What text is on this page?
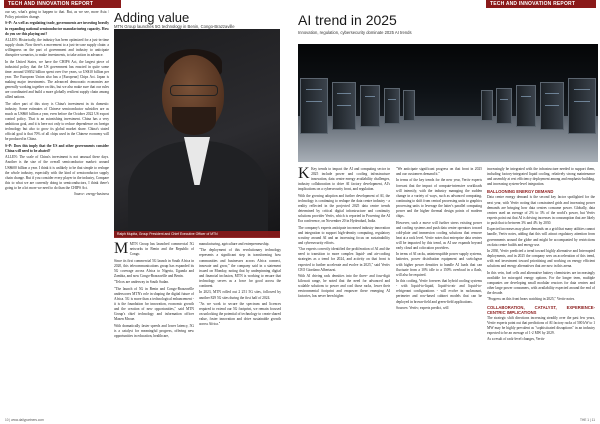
TECH AND INNOVATION REPORT	TECH AND INNOVATION REPORT

our say, what's going to happen to that. But, as we see, more Asia / Policy priorities change.

S+P: As well as regulating trade, governments are investing heavily in expanding national semiconductor manufacturing capacity. How do you see this playing out?

ALLEN: Historically, the industry has been optimized for a just-in-time supply chain. Now there's a movement to a just-in-case supply chain: a willingness on the part of government and industry to anticipate disruptive scenarios, to make investments, to take action in advance.

In the United States, we have the CHIPS Act, the largest piece of industrial policy that the US government has enacted in quite some time: around US$52 billion spent over five years, so US$10 billion per year. The European Union also has a [European] Chips Act. Japan is making major investments. The advanced democratic economies are generally working together on this, but we also make sure that our rules are coordinated and build a more globally resilient supply chain among allied nations.

The other part of this story is China's investment in its domestic industry. Some estimates of Chinese semiconductor subsidies are as much as US$60 billion a year, even before the October 2022 US export control policy. That is an astonishing investment. China has a very ambitious goal, and it is here not only to reduce dependence on foreign technology but also to grow its global market share. China's stated official goal is that 70% of all chips used in the Chinese economy will be produced in China.

S+P: Does this imply that the US and other governments consider China will need to be abated?

ALLEN: The scale of China's investment is not unusual these days. Another is the size of the overall semiconductor market: around US$600 billion a year. I think it is unlikely to be that simple to reshape the whole industry, especially with the kind of semiconductor supply chain change. But if you consider every player in the industry, Compare this to what we are currently doing in semiconductors, I think there's going to be a lot more we need to do than the CHIPS Act.

Source: energy-business

Adding value
MTN Group launches 5G technology in Benin, Congo-Brazzaville
Ralph Mupita, Group President and Chief Executive Officer of MTN

MMTN Group has launched commercial 5G networks in Benin and the Republic of Congo.

Since its first commercial 5G launch in South Africa in 2020, this telecommunications group has expanded its 5G coverage across Africa to Nigeria, Uganda and Zambia, and now Congo-Brazzaville and Benin.

"Telcos are underway in South Sudan.

"The launch of 5G in Benin and Congo-Brazzaville underscores MTN's role in shaping the digital future of Africa. 5G is more than a technological enhancement - it is the foundation for innovation, economic growth and the creation of new opportunities," said MTN Group's chief technology and information officer Mazen Mroue.

With dramatically faster speeds and lower latency, 5G is a catalyst for meaningful progress, offering new opportunities in education, healthcare,

manufacturing, agriculture and entrepreneurship.

"The deployment of this revolutionary technology represents a significant step in transforming how communities and businesses across Africa connect, innovate and grow," the company said in a statement issued on Monday, noting that by underpinning digital and financial inclusion, MTN is working to ensure that technology serves as a force for good across the continent.

In 2023, MTN rolled out 2 251 5G sites, followed by another 829 5G sites during the first half of 2024.

"As we work to secure the spectrum and licences required to extend our 5G footprint, we remain focused on unlocking the potential of technology to create shared value, foster innovation and drive sustainable growth across Africa."

AI trend in 2025
Innovation, regulation, cybersecurity dominate 2025 AI trends

K Key trends to impact the AI and computing sector in 2025 include power and cooling infrastructure innovation, data centre energy availability challenges, industry collaboration to drive AI factory development, AI's implications on a cybersecurity front, and regulation.

With the growing adoption and further development of AI, the technology is continuing to reshape the data centre industry - a reality reflected in the projected 2025 data centre trends determined by critical digital infrastructure and continuity solutions provider Vertiv, which is reported in Powering the AI Era conference, on November 20 in Hyderabad, India.

The company's experts anticipate increased industry innovation and integration to support high-density computing, regulatory scrutiny around AI and an increasing focus on sustainability and cybersecurity efforts.

"Our experts correctly identified the proliferation of AI and the need to transition to more complex liquid- and air-cooling strategies as a trend for 2024, and activity on that front is expected to further accelerate and evolve in 2025," said Vertiv CEO Giordano Albertazzi.

With AI driving rack densities into the three- and four-digit kilowatt range, he noted that the need for advanced and scalable solutions to power and cool those racks, lower their environmental footprint and empower these emerging AI factories, has never been higher.

"We anticipate significant progress on that front in 2025 and our customers demand it."

In terms of the key trends for the new year, Vertiv experts forecast that the impact of compute-intensive workloads will intensify, with the industry managing the sudden change in a variety of ways, such as advanced computing, continuing to shift from central processing units to graphics processing units to leverage the latter's parallel computing power and the higher thermal design points of modern chips.

However, such a move will further stress existing power and cooling systems and push data centre operators toward cold-plate and immersion cooling solutions that remove heat at a rack level. Vertiv notes that enterprise data centres will be impacted by this trend, as AI use expands beyond early cloud and colocation providers.

In terms of AI racks, uninterruptible power supply systems, batteries, power distribution equipment and switchgear with higher power densities to handle AI loads that can fluctuate from a 10% idle to a 150% overload in a flash, will also be required.

In this cooling, Vertiv foresees that hybrid cooling systems - with liquid-to-liquid, liquid-to-air and liquid-to-refrigerant configurations - will evolve in rackmount, perimeter and row-based cabinet models that can be deployed in brown-field and green-field applications.

Sources: Vertiv; experts predict, will

increasingly be integrated with the infrastructure needed to support them, including factory-integrated liquid cooling, relatively strong maintenance and assembly at rest efficiency deployment among and emphasis-building, and increasing system-level integration.

BALLOONING ENERGY DEMAND

Data centre energy demand is the second key factor spotlighted for the next year, with Vertiv noting that constrained grids and increasing power demands are bringing how data centres consume power. Globally, data centres used an average of 2% to 3% of the world's power, but Vertiv experts point out that AI is driving increases in consumption that are likely to push that to between 3% and 4% by 2030.

Expected increases may place demands on a grid that many utilities cannot handle, Vertiv notes, adding that this will attract regulatory attention from governments around the globe and might be accompanied by restrictions on data centre builds and energy use.

In 2030, Vertiv predicted a trend toward highly alternative and Interrupted deployments, and in 2025 the company sees an acceleration of this trend, with real investment toward prioritising and working on energy efficient solutions and energy alternatives that are now in this arena.

In this vein, fuel cells and alternative battery chemistries are increasingly available for microgrid energy options. For the longer term, multiple companies are developing small modular reactors for data centres and other large power consumers, with availability expected around the end of the decade.

"Progress on this front bears watching in 2025," Vertiv notes.

COLLABORATION, CATALYST, EXPERIENCE-CENTRIC IMPLICATIONS

The strategic shift directions increasing steadily over the past few years, Vertiv experts point out that predictions of AI factory racks of 500 kW to 1 MW may be highly prevalent as "sophisticated disruptions" in an industry expected to be an average of 1-2 MW by 2029.

As a result of rack-level changes, Vertiv

10 | www.dailypartners.com	THE 1 | 11
